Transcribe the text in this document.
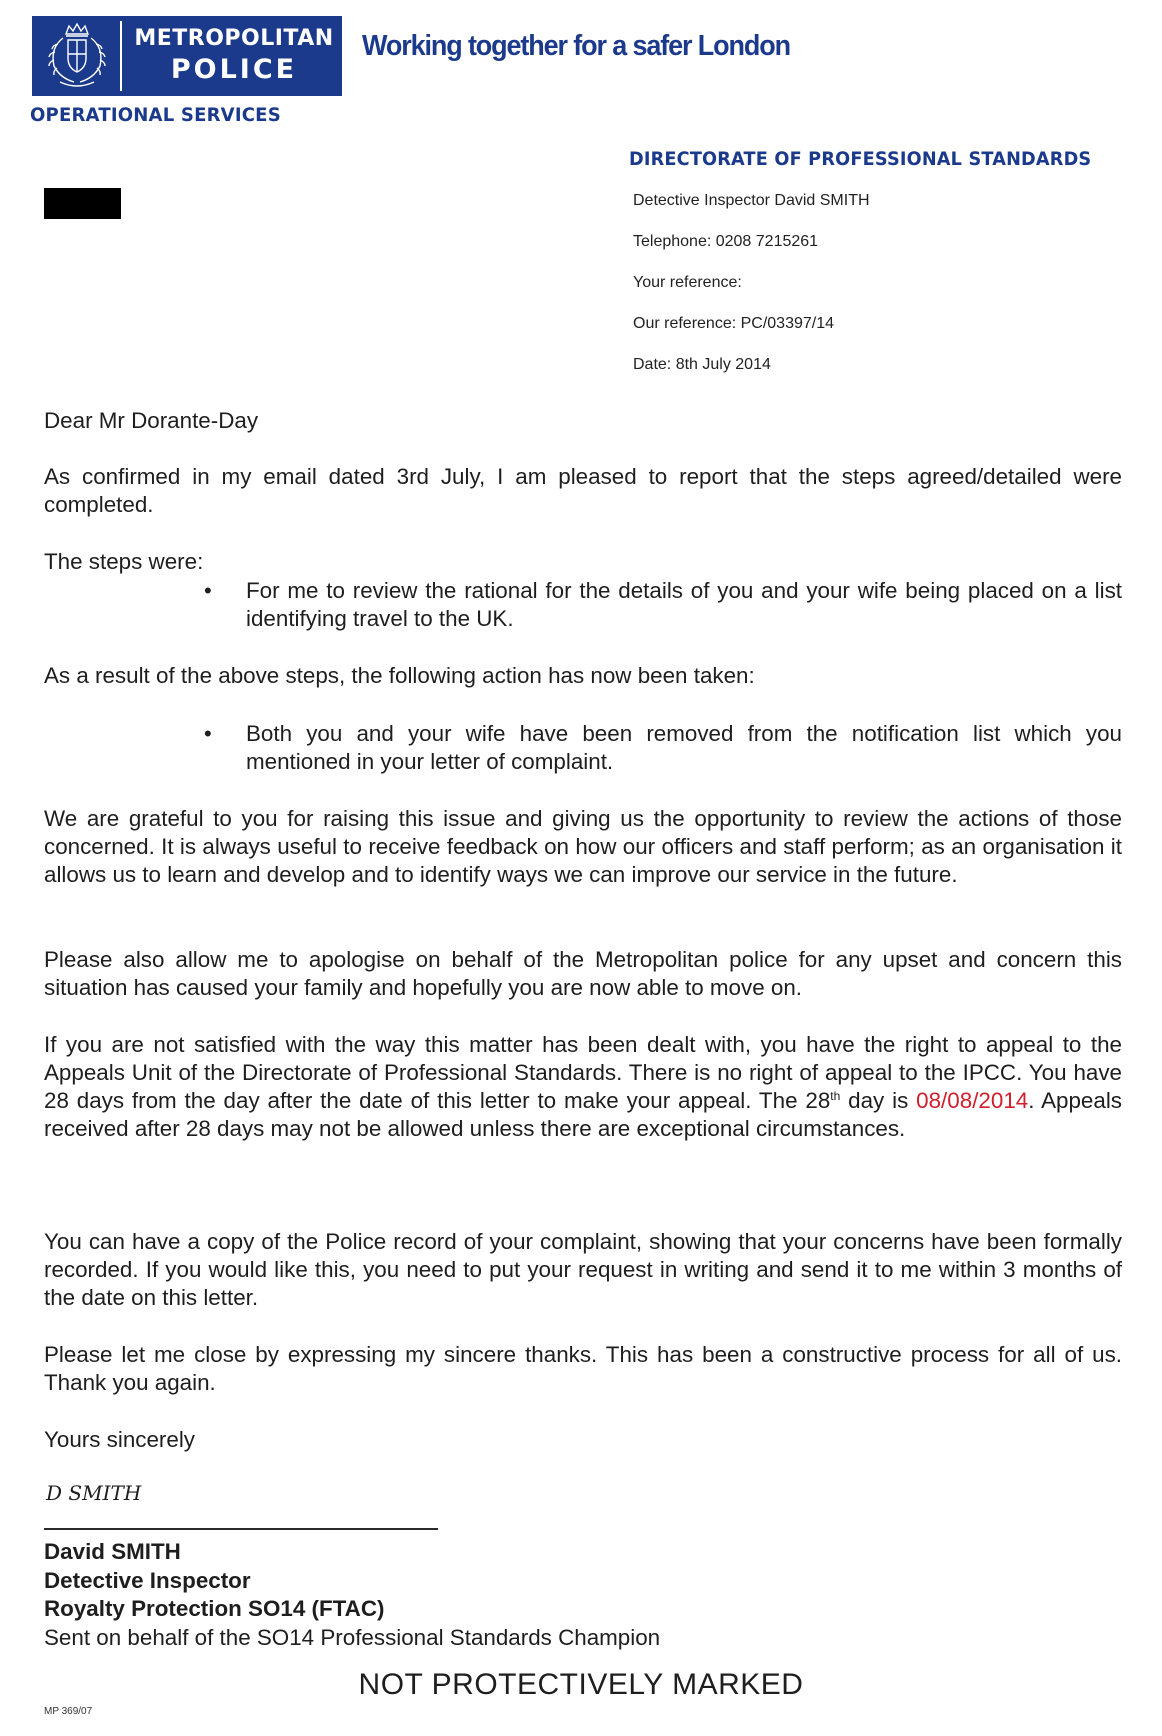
METROPOLITAN
POLICE
Working together for a safer London
OPERATIONAL SERVICES
DIRECTORATE OF PROFESSIONAL STANDARDS
Detective Inspector David SMITH
Telephone: 0208 7215261
Your reference:
Our reference: PC/03397/14
Date: 8th July 2014
Dear Mr Dorante-Day
As confirmed in my email dated 3rd July, I am pleased to report that the steps agreed/detailed were completed.
The steps were:
•	For me to review the rational for the details of you and your wife being placed on a list identifying travel to the UK.
As a result of the above steps, the following action has now been taken:
•	Both you and your wife have been removed from the notification list which you mentioned in your letter of complaint.
We are grateful to you for raising this issue and giving us the opportunity to review the actions of those concerned. It is always useful to receive feedback on how our officers and staff perform; as an organisation it allows us to learn and develop and to identify ways we can improve our service in the future.
Please also allow me to apologise on behalf of the Metropolitan police for any upset and concern this situation has caused your family and hopefully you are now able to move on.
If you are not satisfied with the way this matter has been dealt with, you have the right to appeal to the Appeals Unit of the Directorate of Professional Standards. There is no right of appeal to the IPCC. You have 28 days from the day after the date of this letter to make your appeal. The 28th day is 08/08/2014. Appeals received after 28 days may not be allowed unless there are exceptional circumstances.
You can have a copy of the Police record of your complaint, showing that your concerns have been formally recorded. If you would like this, you need to put your request in writing and send it to me within 3 months of the date on this letter.
Please let me close by expressing my sincere thanks. This has been a constructive process for all of us. Thank you again.
Yours sincerely
D SMITH
David SMITH
Detective Inspector
Royalty Protection SO14 (FTAC)
Sent on behalf of the SO14 Professional Standards Champion
NOT PROTECTIVELY MARKED
MP 369/07
